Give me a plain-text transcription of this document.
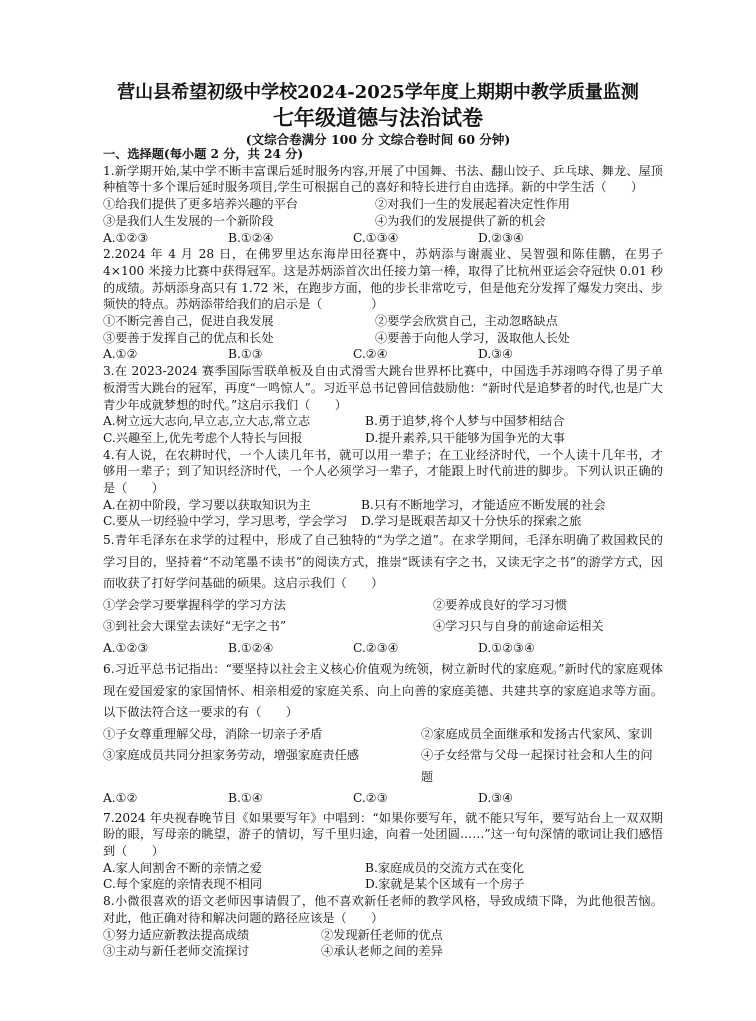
营山县希望初级中学校2024-2025学年度上期期中教学质量监测
七年级道德与法治试卷
(文综合卷满分 100 分 文综合卷时间 60 分钟)
一、选择题(每小题 2 分，共 24 分)

1.新学期开始,某中学不断丰富课后延时服务内容,开展了中国舞、书法、翻山饺子、乒乓球、舞龙、屋顶种植等十多个课后延时服务项目,学生可根据自己的喜好和特长进行自由选择。新的中学生活（　　）

①给我们提供了更多培养兴趣的平台	②对我们一生的发展起着决定性作用
③是我们人生发展的一个新阶段	④为我们的发展提供了新的机会
A.①②③	B.①②④	C.①③④	D.②③④

2.2024 年 4 月 28 日，在佛罗里达东海岸田径赛中，苏炳添与谢震业、吴智强和陈佳鹏，在男子 4×100 米接力比赛中获得冠军。这是苏炳添首次出任接力第一棒，取得了比杭州亚运会夺冠快 0.01 秒的成绩。苏炳添身高只有 1.72 米，在跑步方面，他的步长非常吃亏，但是他充分发挥了爆发力突出、步频快的特点。苏炳添带给我们的启示是（　　　　）

①不断完善自己，促进自我发展	②要学会欣赏自己，主动忽略缺点
③要善于发挥自己的优点和长处	④要善于向他人学习，汲取他人长处
A.①②	B.①③	C.②④	D.③④

3.在 2023-2024 赛季国际雪联单板及自由式滑雪大跳台世界杯比赛中，中国选手苏翊鸣夺得了男子单板滑雪大跳台的冠军，再度“一鸣惊人”。习近平总书记曾回信鼓励他：“新时代是追梦者的时代,也是广大青少年成就梦想的时代。”这启示我们（　　）

A.树立远大志向,早立志,立大志,常立志	B.勇于追梦,将个人梦与中国梦相结合
C.兴趣至上,优先考虑个人特长与回报	D.提升素养,只干能够为国争光的大事

4.有人说，在农耕时代，一个人读几年书，就可以用一辈子；在工业经济时代，一个人读十几年书，才够用一辈子；到了知识经济时代，一个人必须学习一辈子，才能跟上时代前进的脚步。下列认识正确的是（　　）

A.在初中阶段，学习要以获取知识为主	B.只有不断地学习，才能适应不断发展的社会
C.要从一切经验中学习，学习思考，学会学习	D.学习是既艰苦却又十分快乐的探索之旅

5.青年毛泽东在求学的过程中，形成了自己独特的“为学之道”。在求学期间，毛泽东明确了救国救民的学习目的，坚持着“不动笔墨不读书”的阅读方式，推崇“既读有字之书，又读无字之书”的游学方式，因而收获了打好学问基础的硕果。这启示我们（　　）

①学会学习要掌握科学的学习方法	②要养成良好的学习习惯
③到社会大课堂去读好“无字之书”	④学习只与自身的前途命运相关
A.①②③	B.①②④	C.②③④	D.①②③④

6.习近平总书记指出：“要坚持以社会主义核心价值观为统领，树立新时代的家庭观。”新时代的家庭观体现在爱国爱家的家国情怀、相亲相爱的家庭关系、向上向善的家庭美德、共建共享的家庭追求等方面。以下做法符合这一要求的有（　　）

①子女尊重理解父母，消除一切亲子矛盾	②家庭成员全面继承和发扬古代家风、家训
③家庭成员共同分担家务劳动，增强家庭责任感	④子女经常与父母一起探讨社会和人生的问题
A.①②	B.①④	C.②③	D.③④

7.2024 年央视春晚节目《如果要写年》中唱到：“如果你要写年，就不能只写年，要写站台上一双双期盼的眼，写母亲的眺望，游子的情切，写千里归途，向着一处团圆……”这一句句深情的歌词让我们感悟到（　　）

A.家人间割舍不断的亲情之爱	B.家庭成员的交流方式在变化
C.每个家庭的亲情表现不相同	D.家就是某个区域有一个房子

8.小微很喜欢的语文老师因事请假了，他不喜欢新任老师的教学风格，导致成绩下降，为此他很苦恼。对此，他正确对待和解决问题的路径应该是（　　）

①努力适应新教法提高成绩	②发现新任老师的优点
③主动与新任老师交流探讨	④承认老师之间的差异
